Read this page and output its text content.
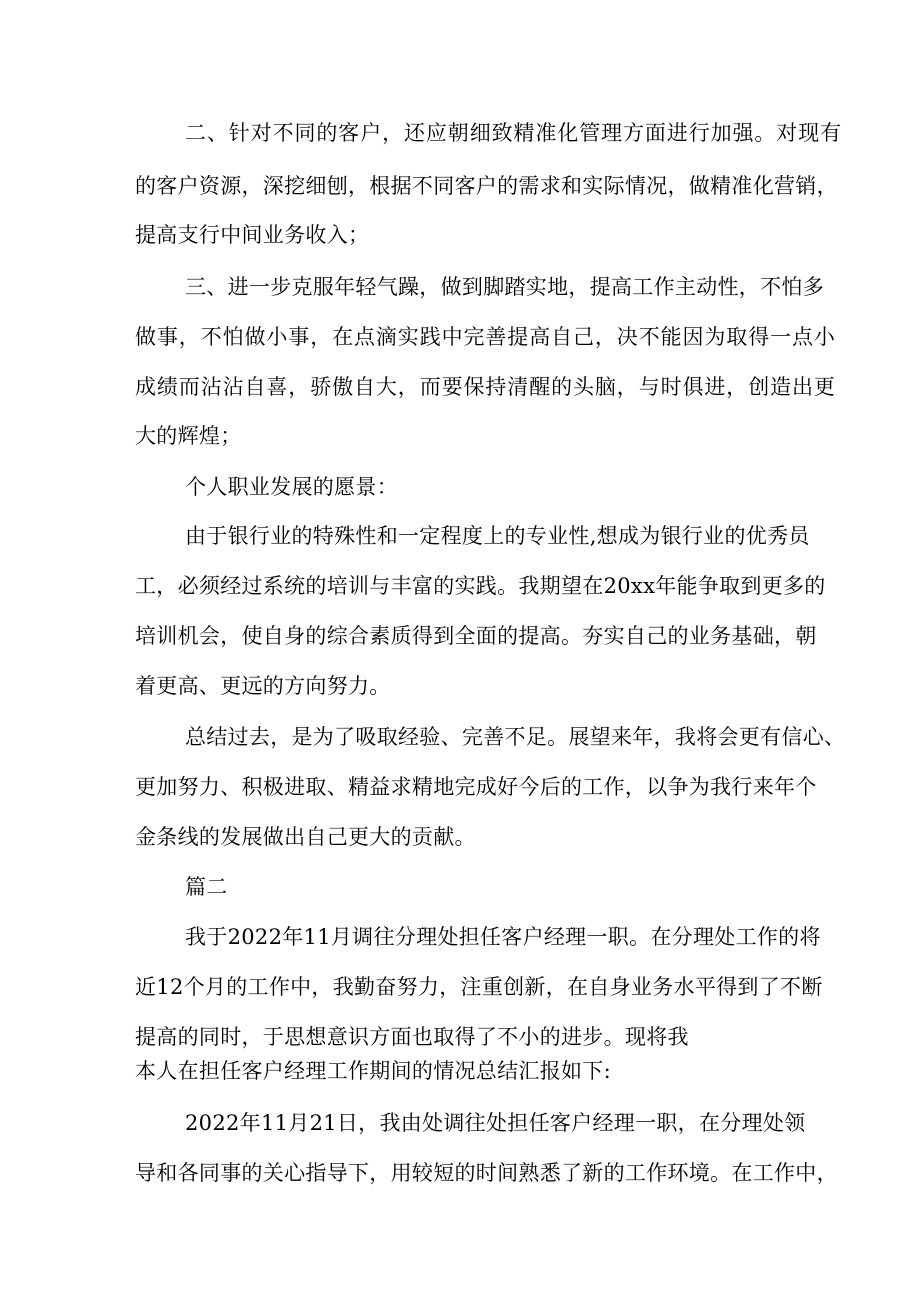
二、针对不同的客户，还应朝细致精准化管理方面进行加强。对现有

的客户资源，深挖细刨，根据不同客户的需求和实际情况，做精准化营销，

提高支行中间业务收入；

三、进一步克服年轻气躁，做到脚踏实地，提高工作主动性，不怕多

做事，不怕做小事，在点滴实践中完善提高自己，决不能因为取得一点小

成绩而沾沾自喜，骄傲自大，而要保持清醒的头脑，与时俱进，创造出更

大的辉煌；

个人职业发展的愿景：

由于银行业的特殊性和一定程度上的专业性,想成为银行业的优秀员

工，必须经过系统的培训与丰富的实践。我期望在20xx年能争取到更多的

培训机会，使自身的综合素质得到全面的提高。夯实自己的业务基础，朝

着更高、更远的方向努力。

总结过去，是为了吸取经验、完善不足。展望来年，我将会更有信心、

更加努力、积极进取、精益求精地完成好今后的工作，以争为我行来年个

金条线的发展做出自己更大的贡献。

篇二

我于2022年11月调往分理处担任客户经理一职。在分理处工作的将

近12个月的工作中，我勤奋努力，注重创新，在自身业务水平得到了不断

提高的同时，于思想意识方面也取得了不小的进步。现将我

本人在担任客户经理工作期间的情况总结汇报如下:

2022年11月21日，我由处调往处担任客户经理一职，在分理处领

导和各同事的关心指导下，用较短的时间熟悉了新的工作环境。在工作中，
